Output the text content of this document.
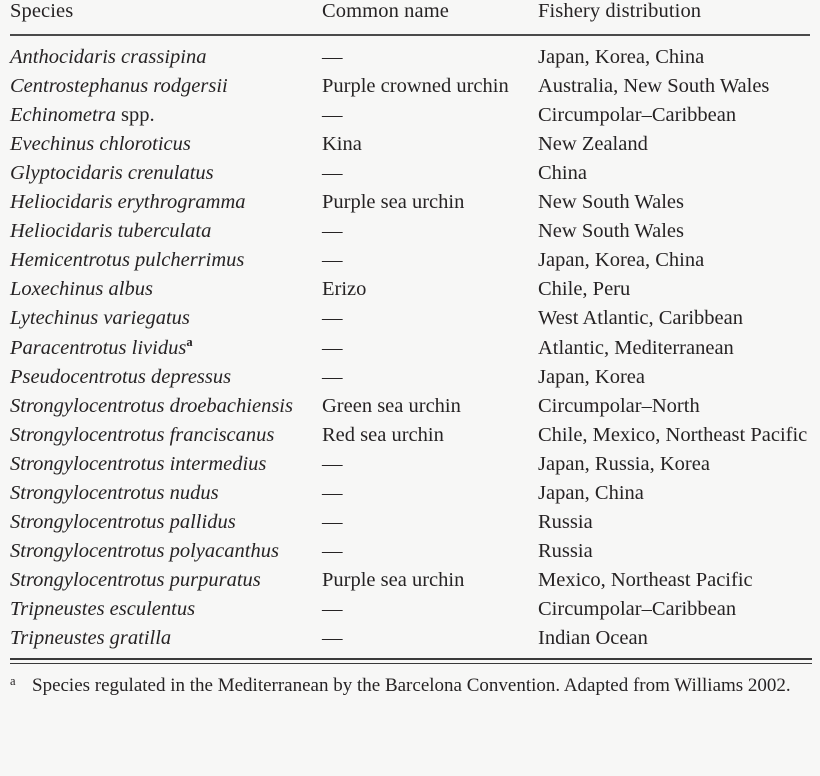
Species	Common name	Fishery distribution
Anthocidaris crassipina	—	Japan, Korea, China
Centrostephanus rodgersii	Purple crowned urchin	Australia, New South Wales
Echinometra spp.	—	Circumpolar–Caribbean
Evechinus chloroticus	Kina	New Zealand
Glyptocidaris crenulatus	—	China
Heliocidaris erythrogramma	Purple sea urchin	New South Wales
Heliocidaris tuberculata	—	New South Wales
Hemicentrotus pulcherrimus	—	Japan, Korea, China
Loxechinus albus	Erizo	Chile, Peru
Lytechinus variegatus	—	West Atlantic, Caribbean
Paracentrotus lividus$^a$	—	Atlantic, Mediterranean
Pseudocentrotus depressus	—	Japan, Korea
Strongylocentrotus droebachiensis	Green sea urchin	Circumpolar–North
Strongylocentrotus franciscanus	Red sea urchin	Chile, Mexico, Northeast Pacific
Strongylocentrotus intermedius	—	Japan, Russia, Korea
Strongylocentrotus nudus	—	Japan, China
Strongylocentrotus pallidus	—	Russia
Strongylocentrotus polyacanthus	—	Russia
Strongylocentrotus purpuratus	Purple sea urchin	Mexico, Northeast Pacific
Tripneustes esculentus	—	Circumpolar–Caribbean
Tripneustes gratilla	—	Indian Ocean
a Species regulated in the Mediterranean by the Barcelona Convention. Adapted from Williams 2002.
